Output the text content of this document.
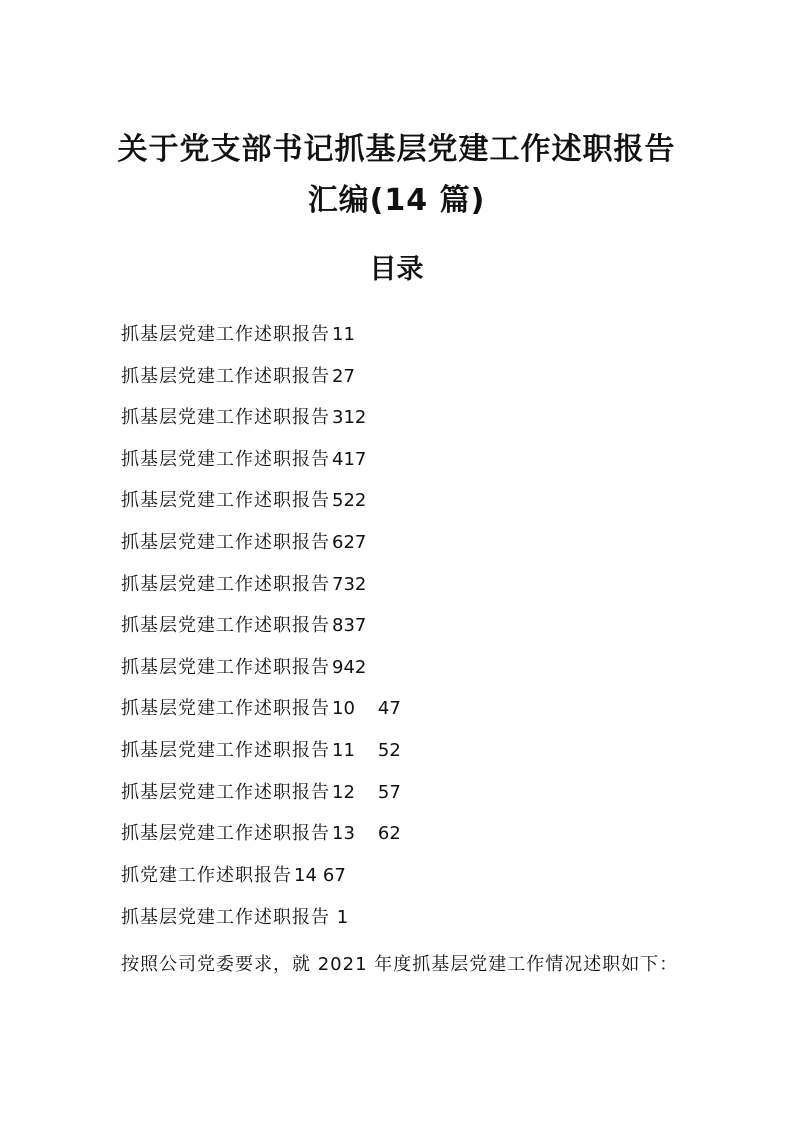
关于党支部书记抓基层党建工作述职报告
汇编(14 篇)
目录
抓基层党建工作述职报告 11
抓基层党建工作述职报告 27
抓基层党建工作述职报告 312
抓基层党建工作述职报告 417
抓基层党建工作述职报告 522
抓基层党建工作述职报告 627
抓基层党建工作述职报告 732
抓基层党建工作述职报告 837
抓基层党建工作述职报告 942
抓基层党建工作述职报告 10 47
抓基层党建工作述职报告 11 52
抓基层党建工作述职报告 12 57
抓基层党建工作述职报告 13 62
抓党建工作述职报告 14 67
抓基层党建工作述职报告 1
按照公司党委要求，就 2021 年度抓基层党建工作情况述职如下：
